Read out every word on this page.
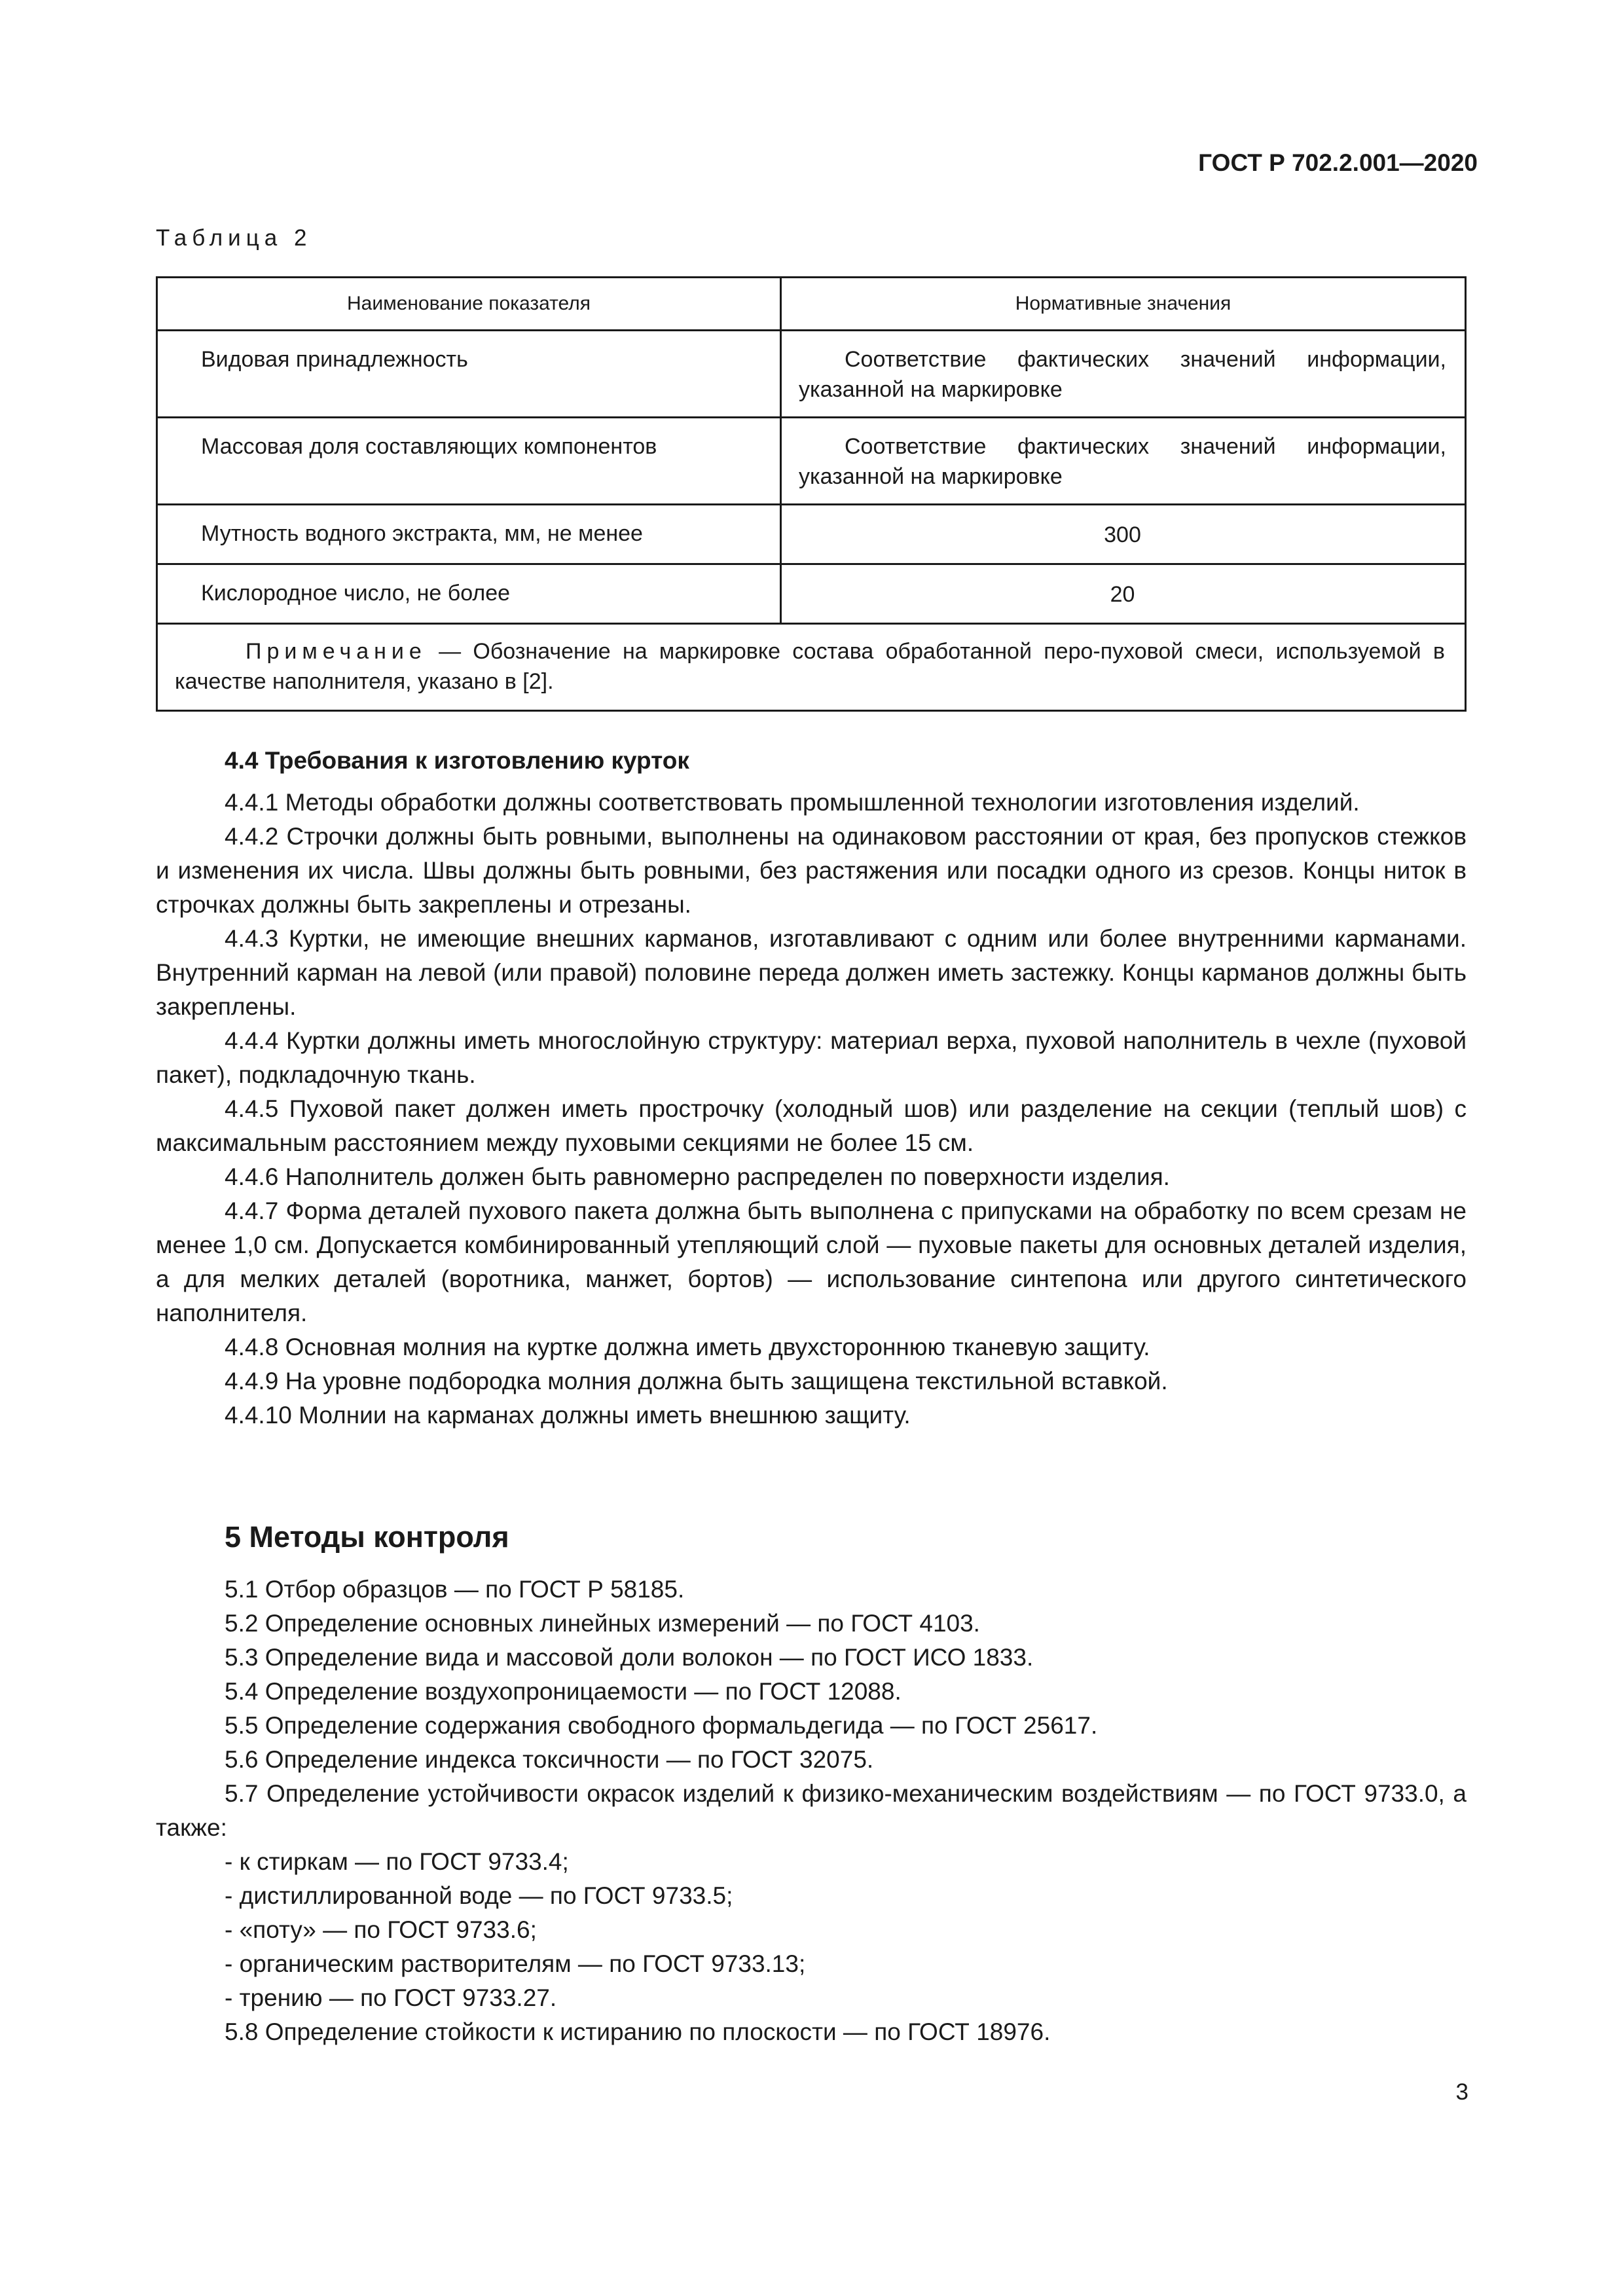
ГОСТ Р 702.2.001—2020
Таблица 2
Наименование показателя	Нормативные значения
Видовая принадлежность	Соответствие фактических значений информации, указанной на маркировке
Массовая доля составляющих компонентов	Соответствие фактических значений информации, указанной на маркировке
Мутность водного экстракта, мм, не менее	300
Кислородное число, не более	20
Примечание — Обозначение на маркировке состава обработанной перо-пуховой смеси, используемой в качестве наполнителя, указано в [2].	

4.4 Требования к изготовлению курток

4.4.1 Методы обработки должны соответствовать промышленной технологии изготовления изделий.

4.4.2 Строчки должны быть ровными, выполнены на одинаковом расстоянии от края, без пропусков стежков и изменения их числа. Швы должны быть ровными, без растяжения или посадки одного из срезов. Концы ниток в строчках должны быть закреплены и отрезаны.

4.4.3 Куртки, не имеющие внешних карманов, изготавливают с одним или более внутренними карманами. Внутренний карман на левой (или правой) половине переда должен иметь застежку. Концы карманов должны быть закреплены.

4.4.4 Куртки должны иметь многослойную структуру: материал верха, пуховой наполнитель в чехле (пуховой пакет), подкладочную ткань.

4.4.5 Пуховой пакет должен иметь прострочку (холодный шов) или разделение на секции (теплый шов) с максимальным расстоянием между пуховыми секциями не более 15 см.

4.4.6 Наполнитель должен быть равномерно распределен по поверхности изделия.

4.4.7 Форма деталей пухового пакета должна быть выполнена с припусками на обработку по всем срезам не менее 1,0 см. Допускается комбинированный утепляющий слой — пуховые пакеты для основных деталей изделия, а для мелких деталей (воротника, манжет, бортов) — использование синтепона или другого синтетического наполнителя.

4.4.8 Основная молния на куртке должна иметь двухстороннюю тканевую защиту.

4.4.9 На уровне подбородка молния должна быть защищена текстильной вставкой.

4.4.10 Молнии на карманах должны иметь внешнюю защиту.

5 Методы контроля

5.1 Отбор образцов — по ГОСТ Р 58185.

5.2 Определение основных линейных измерений — по ГОСТ 4103.

5.3 Определение вида и массовой доли волокон — по ГОСТ ИСО 1833.

5.4 Определение воздухопроницаемости — по ГОСТ 12088.

5.5 Определение содержания свободного формальдегида — по ГОСТ 25617.

5.6 Определение индекса токсичности — по ГОСТ 32075.

5.7 Определение устойчивости окрасок изделий к физико-механическим воздействиям — по ГОСТ 9733.0, а также:

- к стиркам — по ГОСТ 9733.4;

- дистиллированной воде — по ГОСТ 9733.5;

- «поту» — по ГОСТ 9733.6;

- органическим растворителям — по ГОСТ 9733.13;

- трению — по ГОСТ 9733.27.

5.8 Определение стойкости к истиранию по плоскости — по ГОСТ 18976.

3
